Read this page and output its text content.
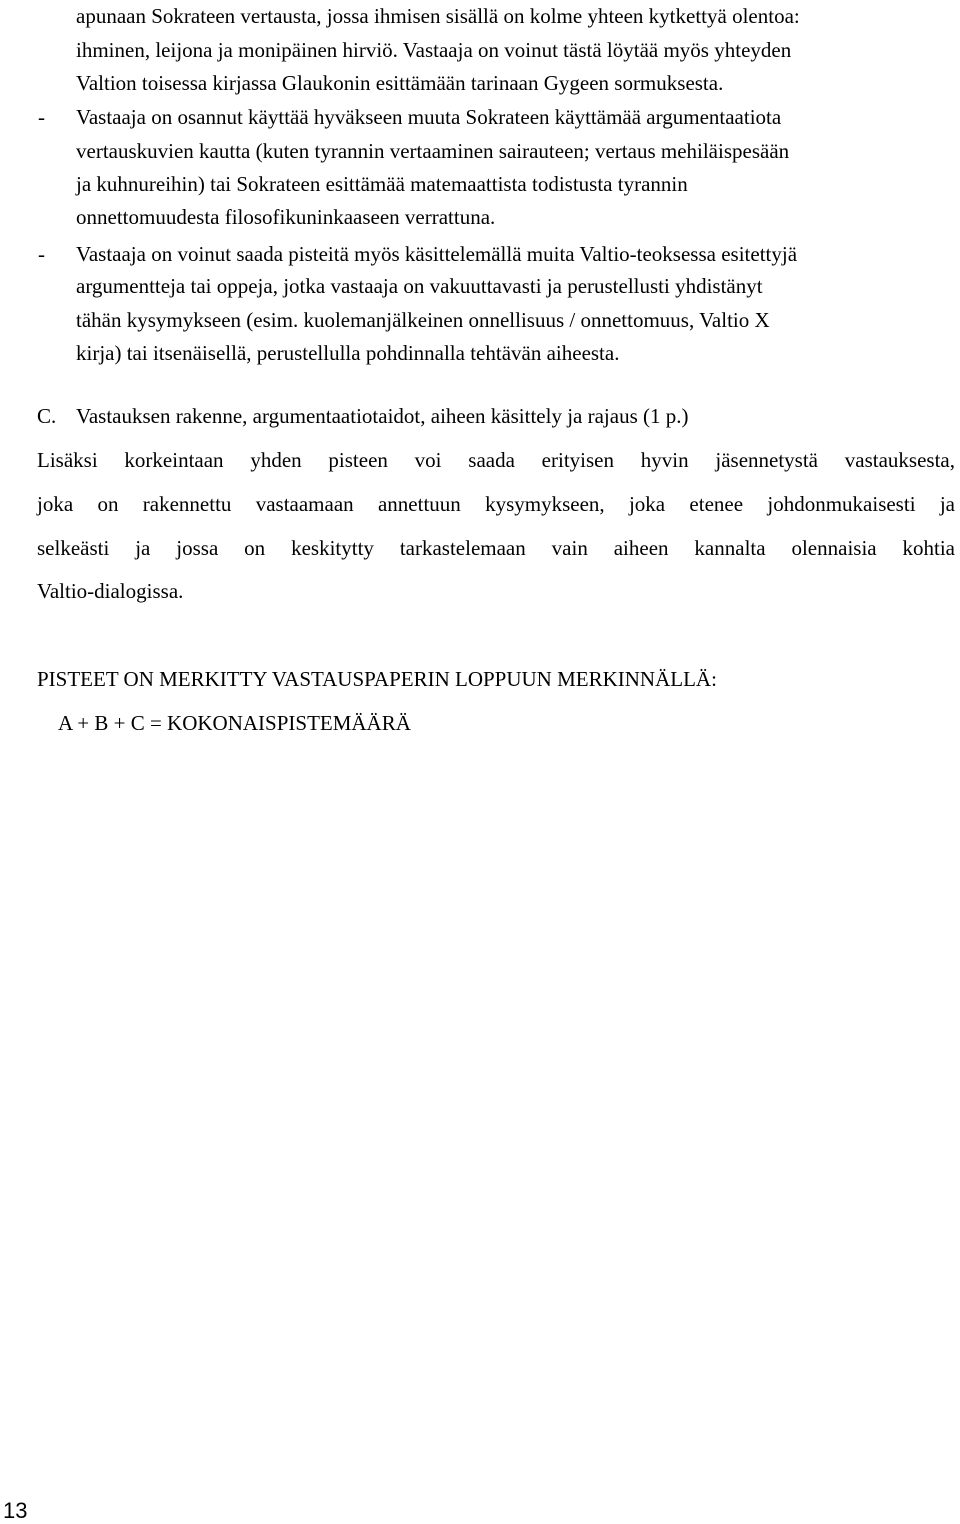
apunaan Sokrateen vertausta, jossa ihmisen sisällä on kolme yhteen kytkettyä olentoa:
ihminen, leijona ja monipäinen hirviö. Vastaaja on voinut tästä löytää myös yhteyden
Valtion toisessa kirjassa Glaukonin esittämään tarinaan Gygeen sormuksesta.
- Vastaaja on osannut käyttää hyväkseen muuta Sokrateen käyttämää argumentaatiota
vertauskuvien kautta (kuten tyrannin vertaaminen sairauteen; vertaus mehiläispesään
ja kuhnureihin) tai Sokrateen esittämää matemaattista todistusta tyrannin
onnettomuudesta filosofikuninkaaseen verrattuna.
- Vastaaja on voinut saada pisteitä myös käsittelemällä muita Valtio-teoksessa esitettyjä
argumentteja tai oppeja, jotka vastaaja on vakuuttavasti ja perustellusti yhdistänyt
tähän kysymykseen (esim. kuolemanjälkeinen onnellisuus / onnettomuus, Valtio X
kirja) tai itsenäisellä, perustellulla pohdinnalla tehtävän aiheesta.
C. Vastauksen rakenne, argumentaatiotaidot, aiheen käsittely ja rajaus (1 p.)
Lisäksi korkeintaan yhden pisteen voi saada erityisen hyvin jäsennetystä vastauksesta,
joka on rakennettu vastaamaan annettuun kysymykseen, joka etenee johdonmukaisesti ja
selkeästi ja jossa on keskitytty tarkastelemaan vain aiheen kannalta olennaisia kohtia
Valtio-dialogissa.
PISTEET ON MERKITTY VASTAUSPAPERIN LOPPUUN MERKINNÄLLÄ:
A + B + C = KOKONAISPISTEMÄÄRÄ
13
